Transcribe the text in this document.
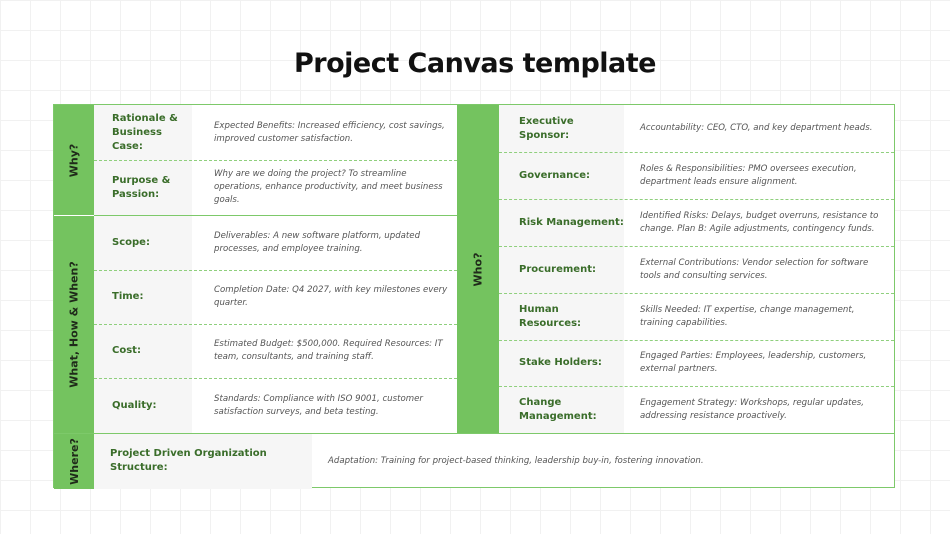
Project Canvas template
Why?
What, How & When?	Who?
Where?
Rationale & Business Case:
Expected Benefits: Increased efficiency, cost savings, improved customer satisfaction.
Purpose & Passion:
Why are we doing the project? To streamline operations, enhance productivity, and meet business goals.
Scope:
Deliverables: A new software platform, updated processes, and employee training.
Time:
Completion Date: Q4 2027, with key milestones every quarter.
Cost:
Estimated Budget: $500,000. Required Resources: IT team, consultants, and training staff.
Quality:
Standards: Compliance with ISO 9001, customer satisfaction surveys, and beta testing.
Executive Sponsor:
Accountability: CEO, CTO, and key department heads.
Governance:
Roles & Responsibilities: PMO oversees execution, department leads ensure alignment.
Risk Management:
Identified Risks: Delays, budget overruns, resistance to change. Plan B: Agile adjustments, contingency funds.
Procurement:
External Contributions: Vendor selection for software tools and consulting services.
Human Resources:
Skills Needed: IT expertise, change management, training capabilities.
Stake Holders:
Engaged Parties: Employees, leadership, customers, external partners.
Change Management:
Engagement Strategy: Workshops, regular updates, addressing resistance proactively.
Project Driven Organization Structure:
Adaptation: Training for project-based thinking, leadership buy-in, fostering innovation.
